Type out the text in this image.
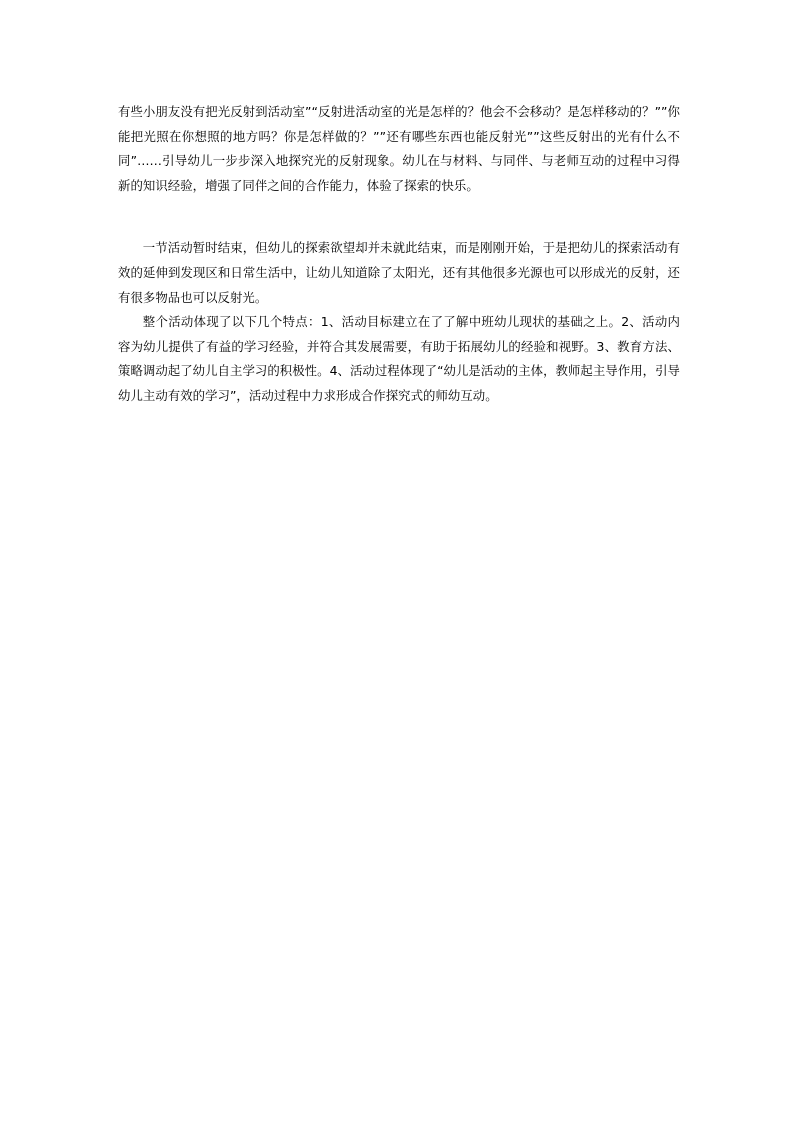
有些小朋友没有把光反射到活动室”“反射进活动室的光是怎样的？他会不会移动？是怎样移动的？””你能把光照在你想照的地方吗？你是怎样做的？””还有哪些东西也能反射光””这些反射出的光有什么不同”……引导幼儿一步步深入地探究光的反射现象。幼儿在与材料、与同伴、与老师互动的过程中习得新的知识经验，增强了同伴之间的合作能力，体验了探索的快乐。

一节活动暂时结束，但幼儿的探索欲望却并未就此结束，而是刚刚开始，于是把幼儿的探索活动有效的延伸到发现区和日常生活中，让幼儿知道除了太阳光，还有其他很多光源也可以形成光的反射，还有很多物品也可以反射光。

整个活动体现了以下几个特点：1、活动目标建立在了了解中班幼儿现状的基础之上。2、活动内容为幼儿提供了有益的学习经验，并符合其发展需要，有助于拓展幼儿的经验和视野。3、教育方法、策略调动起了幼儿自主学习的积极性。4、活动过程体现了“幼儿是活动的主体，教师起主导作用，引导幼儿主动有效的学习”，活动过程中力求形成合作探究式的师幼互动。
